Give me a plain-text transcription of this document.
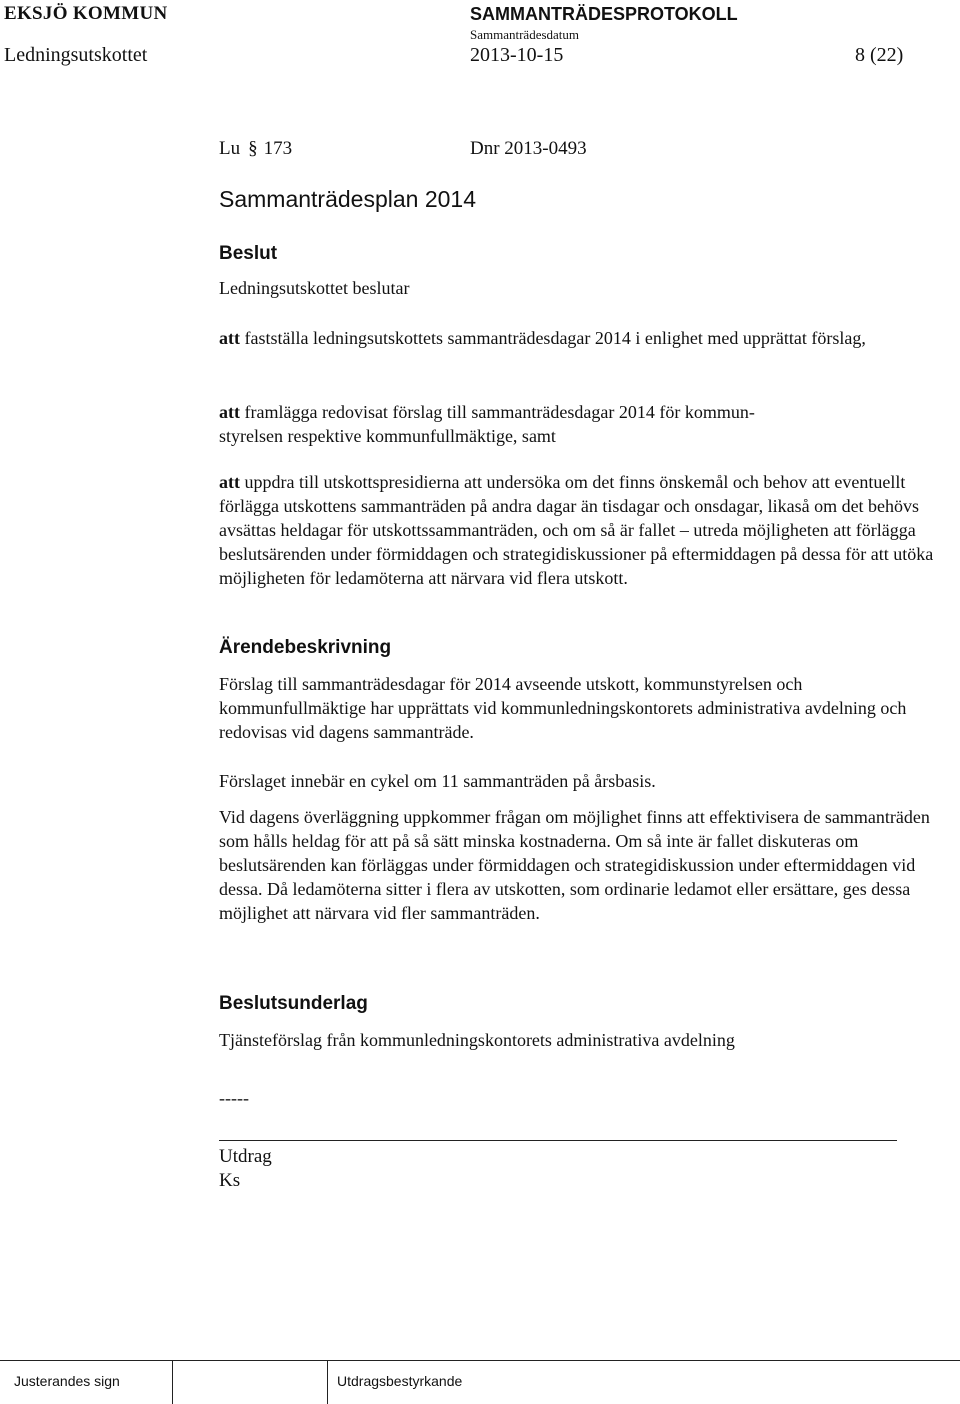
EKSJÖ KOMMUN	SAMMANTRÄDESPROTOKOLL
Sammanträdesdatum
Ledningsutskottet	2013-10-15	8 (22)
Lu § 173	Dnr 2013-0493
Sammanträdesplan 2014
Beslut

Ledningsutskottet beslutar

att fastställa ledningsutskottets sammanträdesdagar 2014 i enlighet med upprättat förslag,

att framlägga redovisat förslag till sammanträdesdagar 2014 för kommun-styrelsen respektive kommunfullmäktige, samt

att uppdra till utskottspresidierna att undersöka om det finns önskemål och behov att eventuellt förlägga utskottens sammanträden på andra dagar än tisdagar och onsdagar, likaså om det behövs avsättas heldagar för utskottssammanträden, och om så är fallet – utreda möjligheten att förlägga beslutsärenden under förmiddagen och strategidiskussioner på eftermiddagen på dessa för att utöka möjligheten för ledamöterna att närvara vid flera utskott.

Ärendebeskrivning

Förslag till sammanträdesdagar för 2014 avseende utskott, kommunstyrelsen och kommunfullmäktige har upprättats vid kommunledningskontorets administrativa avdelning och redovisas vid dagens sammanträde.

Förslaget innebär en cykel om 11 sammanträden på årsbasis.

Vid dagens överläggning uppkommer frågan om möjlighet finns att effektivisera de sammanträden som hålls heldag för att på så sätt minska kostnaderna. Om så inte är fallet diskuteras om beslutsärenden kan förläggas under förmiddagen och strategidiskussion under eftermiddagen vid dessa. Då ledamöterna sitter i flera av utskotten, som ordinarie ledamot eller ersättare, ges dessa möjlighet att närvara vid fler sammanträden.

Beslutsunderlag

Tjänsteförslag från kommunledningskontorets administrativa avdelning

-----
Utdrag
Ks
Justerandes sign	Utdragsbestyrkande
